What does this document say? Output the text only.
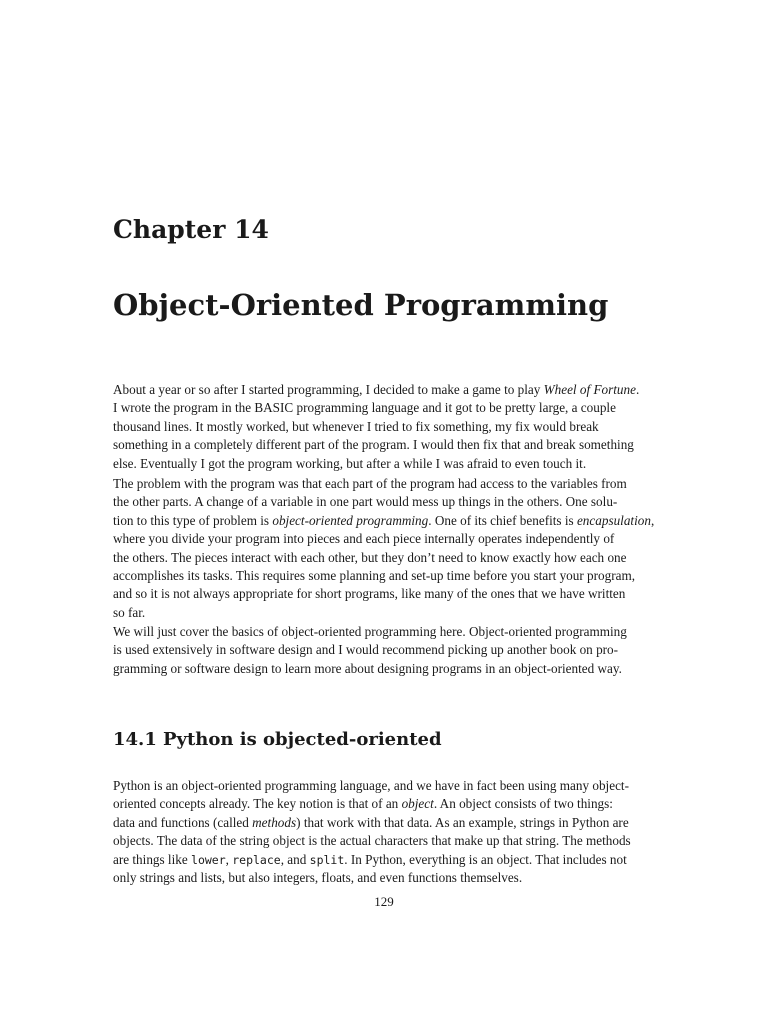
Chapter 14
Object-Oriented Programming

About a year or so after I started programming, I decided to make a game to play Wheel of Fortune.
I wrote the program in the BASIC programming language and it got to be pretty large, a couple
thousand lines. It mostly worked, but whenever I tried to fix something, my fix would break
something in a completely different part of the program. I would then fix that and break something
else. Eventually I got the program working, but after a while I was afraid to even touch it.

The problem with the program was that each part of the program had access to the variables from
the other parts. A change of a variable in one part would mess up things in the others. One solu-
tion to this type of problem is object-oriented programming. One of its chief benefits is encapsulation,
where you divide your program into pieces and each piece internally operates independently of
the others. The pieces interact with each other, but they don’t need to know exactly how each one
accomplishes its tasks. This requires some planning and set-up time before you start your program,
and so it is not always appropriate for short programs, like many of the ones that we have written
so far.

We will just cover the basics of object-oriented programming here. Object-oriented programming
is used extensively in software design and I would recommend picking up another book on pro-
gramming or software design to learn more about designing programs in an object-oriented way.

14.1 Python is objected-oriented

Python is an object-oriented programming language, and we have in fact been using many object-
oriented concepts already. The key notion is that of an object. An object consists of two things:
data and functions (called methods) that work with that data. As an example, strings in Python are
objects. The data of the string object is the actual characters that make up that string. The methods
are things like lower, replace, and split. In Python, everything is an object. That includes not
only strings and lists, but also integers, floats, and even functions themselves.

129
